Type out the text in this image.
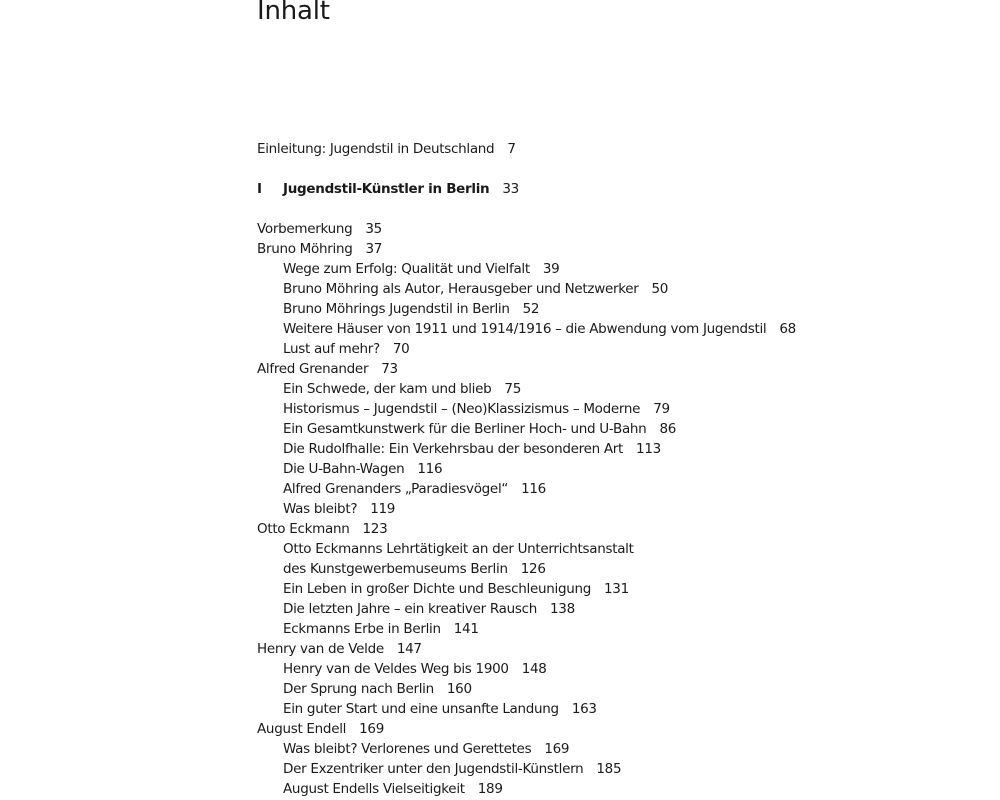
Inhalt
Einleitung: Jugendstil in Deutschland 7
I Jugendstil-Künstler in Berlin 33
Vorbemerkung 35
Bruno Möhring 37
Wege zum Erfolg: Qualität und Vielfalt 39
Bruno Möhring als Autor, Herausgeber und Netzwerker 50
Bruno Möhrings Jugendstil in Berlin 52
Weitere Häuser von 1911 und 1914/1916 – die Abwendung vom Jugendstil 68
Lust auf mehr? 70
Alfred Grenander 73
Ein Schwede, der kam und blieb 75
Historismus – Jugendstil – (Neo)Klassizismus – Moderne 79
Ein Gesamtkunstwerk für die Berliner Hoch- und U-Bahn 86
Die Rudolfhalle: Ein Verkehrsbau der besonderen Art 113
Die U-Bahn-Wagen 116
Alfred Grenanders „Paradiesvögel“ 116
Was bleibt? 119
Otto Eckmann 123
Otto Eckmanns Lehrtätigkeit an der Unterrichtsanstalt
des Kunstgewerbemuseums Berlin 126
Ein Leben in großer Dichte und Beschleunigung 131
Die letzten Jahre – ein kreativer Rausch 138
Eckmanns Erbe in Berlin 141
Henry van de Velde 147
Henry van de Veldes Weg bis 1900 148
Der Sprung nach Berlin 160
Ein guter Start und eine unsanfte Landung 163
August Endell 169
Was bleibt? Verlorenes und Gerettetes 169
Der Exzentriker unter den Jugendstil-Künstlern 185
August Endells Vielseitigkeit 189
